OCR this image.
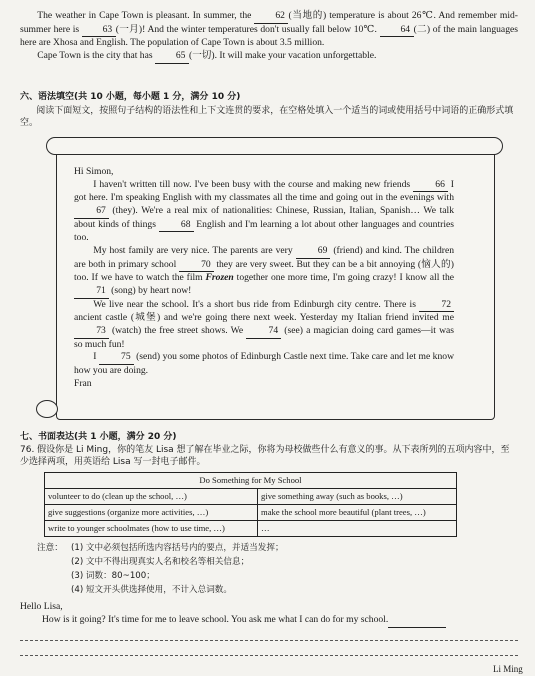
The weather in Cape Town is pleasant. In summer, the 62 (当地的) temperature is about 26℃. And remember mid-summer here is 63 (一月)! And the winter temperatures don't usually fall below 10℃. 64 (二) of the main languages here are Xhosa and English. The population of Cape Town is about 3.5 million.

Cape Town is the city that has 65 (一切). It will make your vacation unforgettable.

六、语法填空(共 10 小题，每小题 1 分，满分 10 分)
阅读下面短文，按照句子结构的语法性和上下文连贯的要求，在空格处填入一个适当的词或使用括号中词语的正确形式填空。

Hi Simon,

I haven't written till now. I've been busy with the course and making new friends 66 I got here. I'm speaking English with my classmates all the time and going out in the evenings with 67 (they). We're a real mix of nationalities: Chinese, Russian, Italian, Spanish… We talk about kinds of things 68 English and I'm learning a lot about other languages and countries too.

My host family are very nice. The parents are very 69 (friend) and kind. The children are both in primary school 70 they are very sweet. But they can be a bit annoying (恼人的) too. If we have to watch the film Frozen together one more time, I'm going crazy! I know all the 71 (song) by heart now!

We live near the school. It's a short bus ride from Edinburgh city centre. There is 72 ancient castle (城堡) and we're going there next week. Yesterday my Italian friend invited me 73 (watch) the free street shows. We 74 (see) a magician doing card games—it was so much fun!

I 75 (send) you some photos of Edinburgh Castle next time. Take care and let me know how you are doing.

Fran

七、书面表达(共 1 小题，满分 20 分)
76. 假设你是 Li Ming，你的笔友 Lisa 想了解在毕业之际，你将为母校做些什么有意义的事。从下表所列的五项内容中，至少选择两项，用英语给 Lisa 写一封电子邮件。
Do Something for My School	
volunteer to do (clean up the school, …)	give something away (such as books, …)
give suggestions (organize more activities, …)	make the school more beautiful (plant trees, …)
write to younger schoolmates (how to use time, …)	…
注意： (1) 文中必须包括所选内容括号内的要点，并适当发挥；
(2) 文中不得出现真实人名和校名等相关信息；
(3) 词数：80~100；
(4) 短文开头供选择使用，不计入总词数。
Hello Lisa,
How is it going? It's time for me to leave school. You ask me what I can do for my school.
Li Ming
